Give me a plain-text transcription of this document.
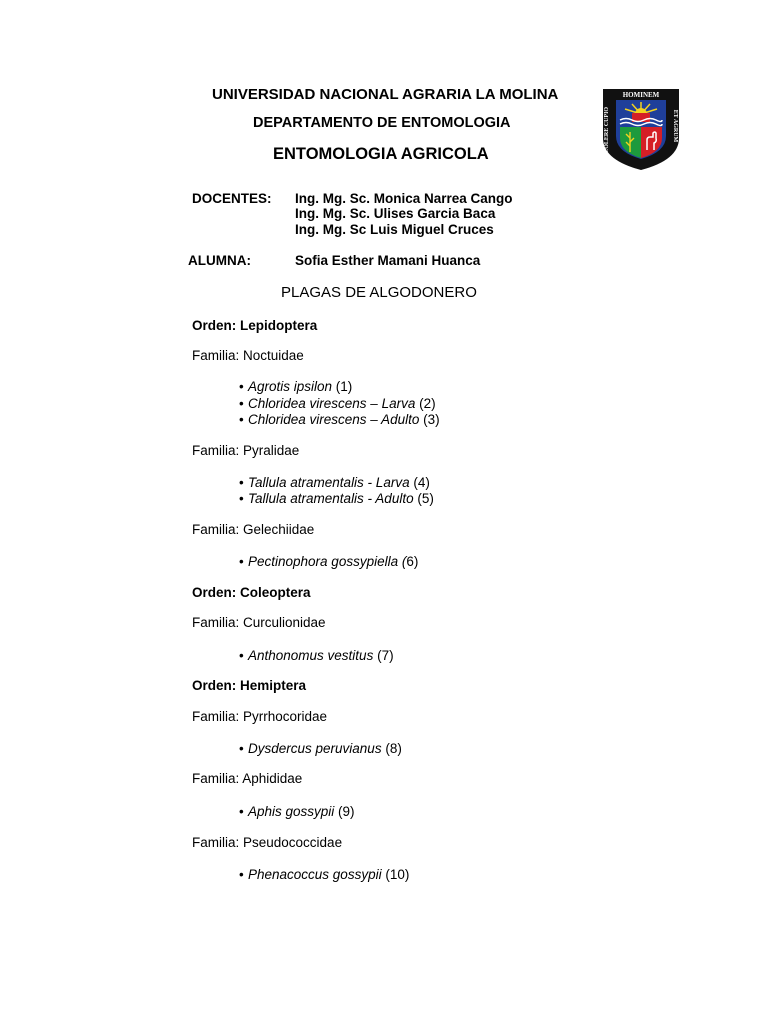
UNIVERSIDAD NACIONAL AGRARIA LA MOLINA
DEPARTAMENTO DE ENTOMOLOGIA
ENTOMOLOGIA AGRICOLA
HOMINEM
ET AGRUM
COLERE CUPIO
DOCENTES: Ing. Mg. Sc. Monica Narrea Cango
Ing. Mg. Sc. Ulises Garcia Baca
Ing. Mg. Sc Luis Miguel Cruces
ALUMNA:	Sofia Esther Mamani Huanca
PLAGAS DE ALGODONERO
Orden: Lepidoptera
Familia: Noctuidae
• Agrotis ipsilon (1)
• Chloridea virescens – Larva (2)
• Chloridea virescens – Adulto (3)
Familia: Pyralidae
• Tallula atramentalis - Larva (4)
• Tallula atramentalis - Adulto (5)
Familia: Gelechiidae
• Pectinophora gossypiella (6)
Orden: Coleoptera
Familia: Curculionidae
• Anthonomus vestitus (7)
Orden: Hemiptera
Familia: Pyrrhocoridae
• Dysdercus peruvianus (8)
Familia: Aphididae
• Aphis gossypii (9)
Familia: Pseudococcidae
• Phenacoccus gossypii (10)
